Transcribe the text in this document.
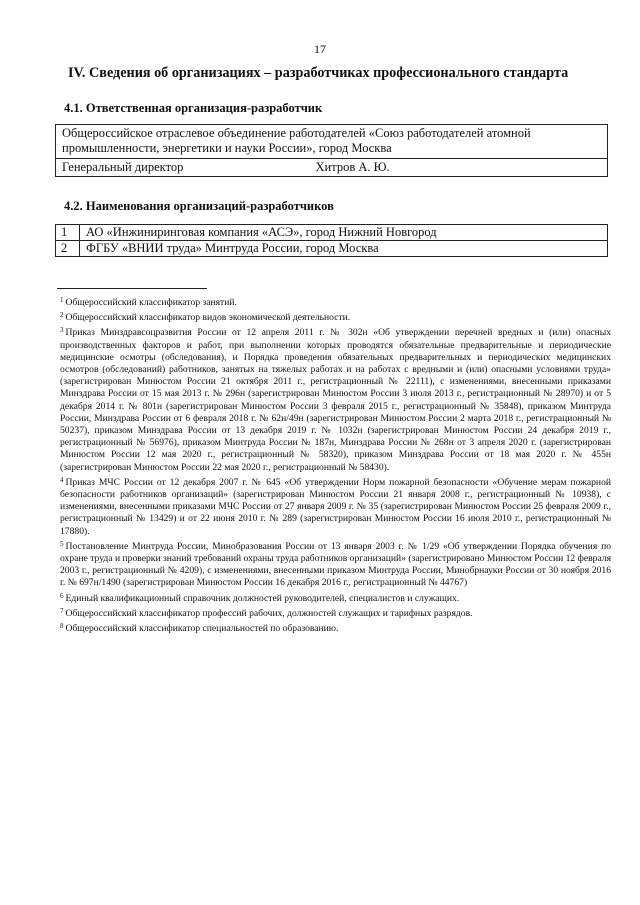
17
IV. Сведения об организациях – разработчиках профессионального стандарта
4.1. Ответственная организация-разработчик
Общероссийское отраслевое объединение работодателей «Союз работодателей атомной
промышленности, энергетики и науки России», город Москва

Генеральный директор	Хитров А. Ю.
4.2. Наименования организаций-разработчиков
1	АО «Инжиниринговая компания «АСЭ», город Нижний Новгород
2	ФГБУ «ВНИИ труда» Минтруда России, город Москва

$^1$ Общероссийский классификатор занятий.

$^2$ Общероссийский классификатор видов экономической деятельности.

$^3$ Приказ Минздравсоцразвития России от 12 апреля 2011 г. № 302н «Об утверждении перечней вредных и (или) опасных производственных факторов и работ, при выполнении которых проводятся обязательные предварительные и периодические медицинские осмотры (обследования), и Порядка проведения обязательных предварительных и периодических медицинских осмотров (обследований) работников, занятых на тяжелых работах и на работах с вредными и (или) опасными условиями труда» (зарегистрирован Минюстом России 21 октября 2011 г., регистрационный № 22111), с изменениями, внесенными приказами Минздрава России от 15 мая 2013 г. № 296н (зарегистрирован Минюстом России 3 июля 2013 г., регистрационный № 28970) и от 5 декабря 2014 г. № 801н (зарегистрирован Минюстом России 3 февраля 2015 г., регистрационный № 35848), приказом Минтруда России, Минздрава России от 6 февраля 2018 г. № 62н/49н (зарегистрирован Минюстом России 2 марта 2018 г., регистрационный № 50237), приказом Минздрава России от 13 декабря 2019 г. № 1032н (зарегистрирован Минюстом России 24 декабря 2019 г., регистрационный № 56976), приказом Минтруда России № 187н, Минздрава России № 268н от 3 апреля 2020 г. (зарегистрирован Минюстом России 12 мая 2020 г., регистрационный № 58320), приказом Минздрава России от 18 мая 2020 г. № 455н (зарегистрирован Минюстом России 22 мая 2020 г., регистрационный № 58430).

$^4$ Приказ МЧС России от 12 декабря 2007 г. № 645 «Об утверждении Норм пожарной безопасности «Обучение мерам пожарной безопасности работников организаций» (зарегистрирован Минюстом России 21 января 2008 г., регистрационный № 10938), с изменениями, внесенными приказами МЧС России от 27 января 2009 г. № 35 (зарегистрирован Минюстом России 25 февраля 2009 г., регистрационный № 13429) и от 22 июня 2010 г. № 289 (зарегистрирован Минюстом России 16 июля 2010 г., регистрационный № 17880).

$^5$ Постановление Минтруда России, Минобразования России от 13 января 2003 г. № 1/29 «Об утверждении Порядка обучения по охране труда и проверки знаний требований охраны труда работников организаций» (зарегистрировано Минюстом России 12 февраля 2003 г., регистрационный № 4209), с изменениями, внесенными приказом Минтруда России, Минобрнауки России от 30 ноября 2016 г. № 697н/1490 (зарегистрирован Минюстом России 16 декабря 2016 г., регистрационный № 44767)

$^6$ Единый квалификационный справочник должностей руководителей, специалистов и служащих.

$^7$ Общероссийский классификатор профессий рабочих, должностей служащих и тарифных разрядов.

$^8$ Общероссийский классификатор специальностей по образованию.
